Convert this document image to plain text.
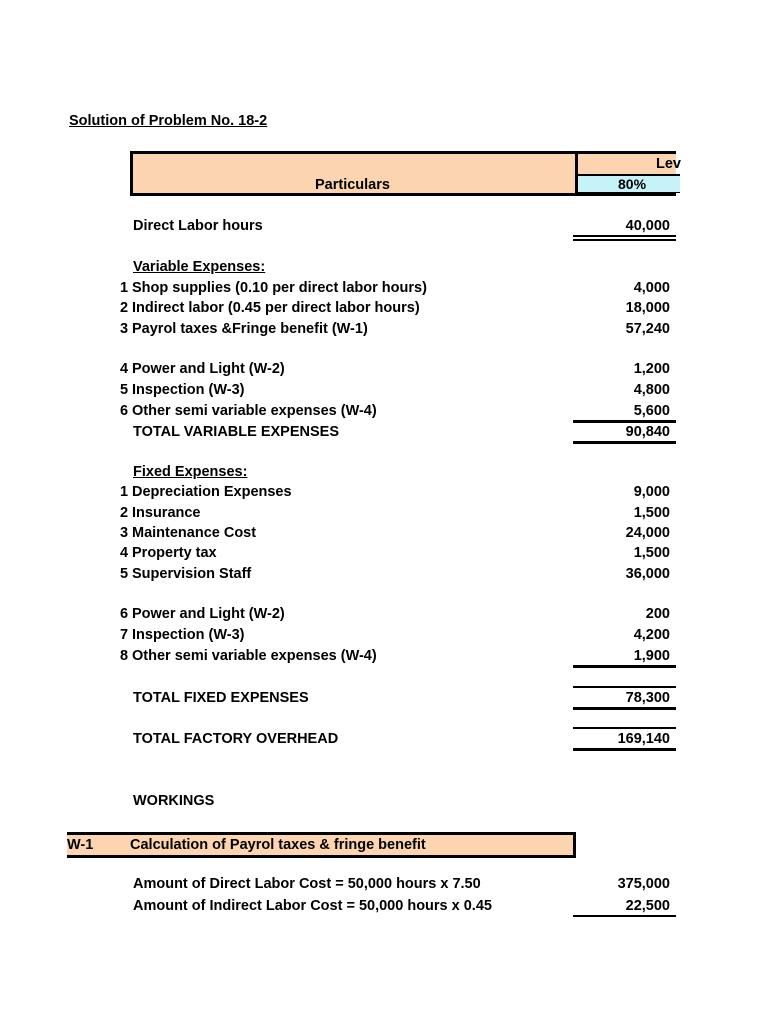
Solution of Problem No. 18-2
Lev
Particulars	80%
Direct Labor hours	40,000
Variable Expenses:
1 Shop supplies (0.10 per direct labor hours)	4,000
2 Indirect labor (0.45 per direct labor hours)	18,000
3 Payrol taxes &Fringe benefit (W-1)	57,240
4 Power and Light (W-2)	1,200
5 Inspection (W-3)	4,800
6 Other semi variable expenses (W-4)	5,600
TOTAL VARIABLE EXPENSES	90,840
Fixed Expenses:
1 Depreciation Expenses	9,000
2 Insurance	1,500
3 Maintenance Cost	24,000
4 Property tax	1,500
5 Supervision Staff	36,000
6 Power and Light (W-2)	200
7 Inspection (W-3)	4,200
8 Other semi variable expenses (W-4)	1,900
TOTAL FIXED EXPENSES	78,300
TOTAL FACTORY OVERHEAD	169,140
WORKINGS
W-1	Calculation of Payrol taxes & fringe benefit
Amount of Direct Labor Cost = 50,000 hours x 7.50	375,000
Amount of Indirect Labor Cost = 50,000 hours x 0.45	22,500
